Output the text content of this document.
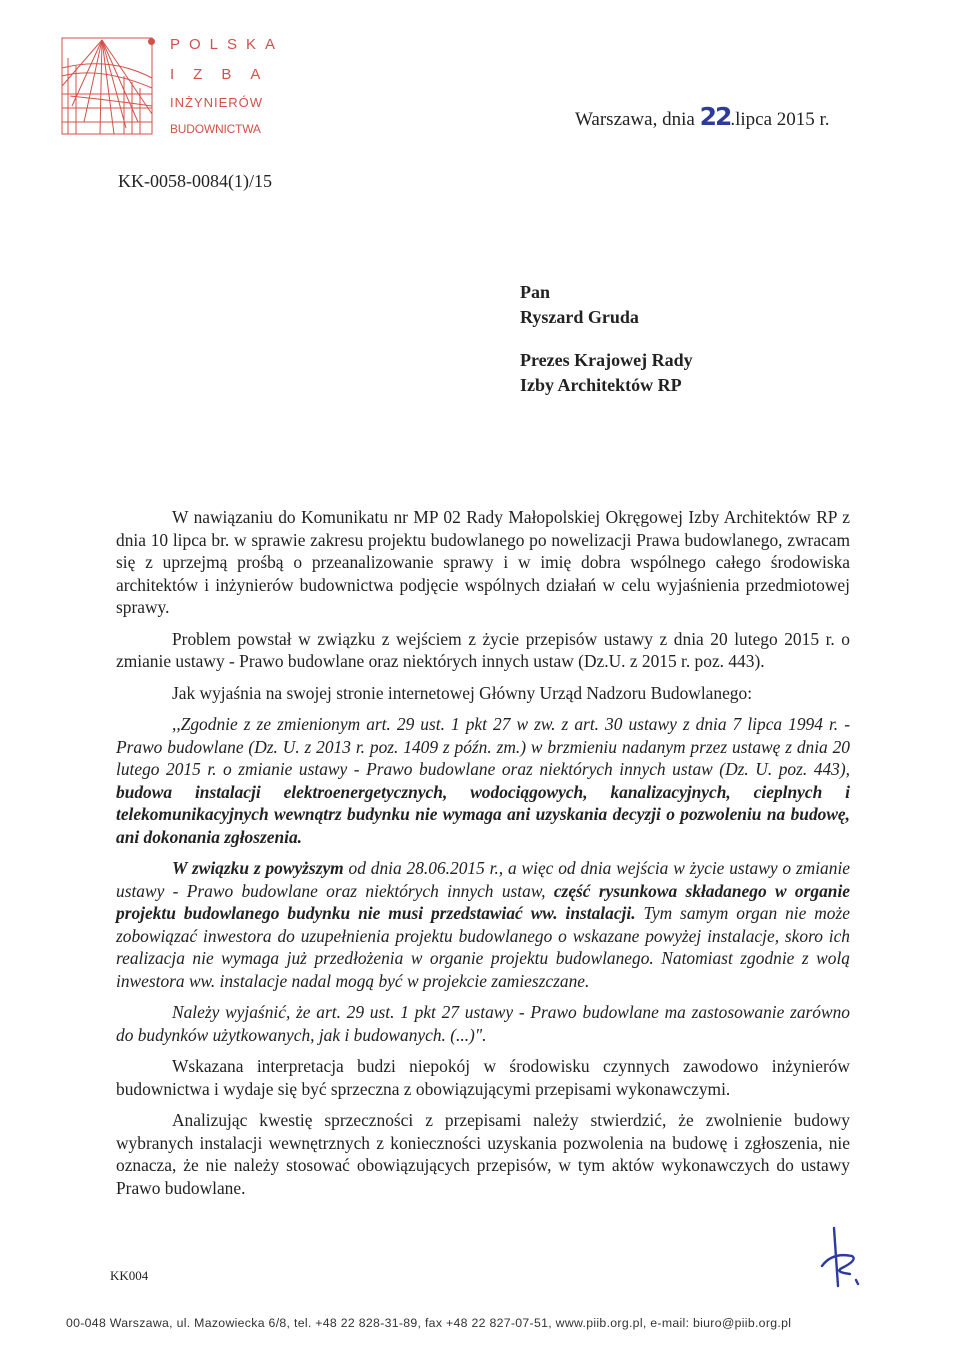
POLSKA
IZBA
INŻYNIERÓW
BUDOWNICTWA	Warszawa, dnia 22.lipca 2015 r.
KK-0058-0084(1)/15
Pan
Ryszard Gruda
Prezes Krajowej Rady
Izby Architektów RP

W nawiązaniu do Komunikatu nr MP 02 Rady Małopolskiej Okręgowej Izby Architektów RP z dnia 10 lipca br. w sprawie zakresu projektu budowlanego po nowelizacji Prawa budowlanego, zwracam się z uprzejmą prośbą o przeanalizowanie sprawy i w imię dobra wspólnego całego środowiska architektów i inżynierów budownictwa podjęcie wspólnych działań w celu wyjaśnienia przedmiotowej sprawy.

Problem powstał w związku z wejściem z życie przepisów ustawy z dnia 20 lutego 2015 r. o zmianie ustawy - Prawo budowlane oraz niektórych innych ustaw (Dz.U. z 2015 r. poz. 443).

Jak wyjaśnia na swojej stronie internetowej Główny Urząd Nadzoru Budowlanego:

,,Zgodnie z ze zmienionym art. 29 ust. 1 pkt 27 w zw. z art. 30 ustawy z dnia 7 lipca 1994 r. - Prawo budowlane (Dz. U. z 2013 r. poz. 1409 z późn. zm.) w brzmieniu nadanym przez ustawę z dnia 20 lutego 2015 r. o zmianie ustawy - Prawo budowlane oraz niektórych innych ustaw (Dz. U. poz. 443), budowa instalacji elektroenergetycznych, wodociągowych, kanalizacyjnych, cieplnych i telekomunikacyjnych wewnątrz budynku nie wymaga ani uzyskania decyzji o pozwoleniu na budowę, ani dokonania zgłoszenia.

W związku z powyższym od dnia 28.06.2015 r., a więc od dnia wejścia w życie ustawy o zmianie ustawy - Prawo budowlane oraz niektórych innych ustaw, część rysunkowa składanego w organie projektu budowlanego budynku nie musi przedstawiać ww. instalacji. Tym samym organ nie może zobowiązać inwestora do uzupełnienia projektu budowlanego o wskazane powyżej instalacje, skoro ich realizacja nie wymaga już przedłożenia w organie projektu budowlanego. Natomiast zgodnie z wolą inwestora ww. instalacje nadal mogą być w projekcie zamieszczane.

Należy wyjaśnić, że art. 29 ust. 1 pkt 27 ustawy - Prawo budowlane ma zastosowanie zarówno do budynków użytkowanych, jak i budowanych. (...)".

Wskazana interpretacja budzi niepokój w środowisku czynnych zawodowo inżynierów budownictwa i wydaje się być sprzeczna z obowiązującymi przepisami wykonawczymi.

Analizując kwestię sprzeczności z przepisami należy stwierdzić, że zwolnienie budowy wybranych instalacji wewnętrznych z konieczności uzyskania pozwolenia na budowę i zgłoszenia, nie oznacza, że nie należy stosować obowiązujących przepisów, w tym aktów wykonawczych do ustawy Prawo budowlane.

KK004
00-048 Warszawa, ul. Mazowiecka 6/8, tel. +48 22 828-31-89, fax +48 22 827-07-51, www.piib.org.pl, e-mail: biuro@piib.org.pl
